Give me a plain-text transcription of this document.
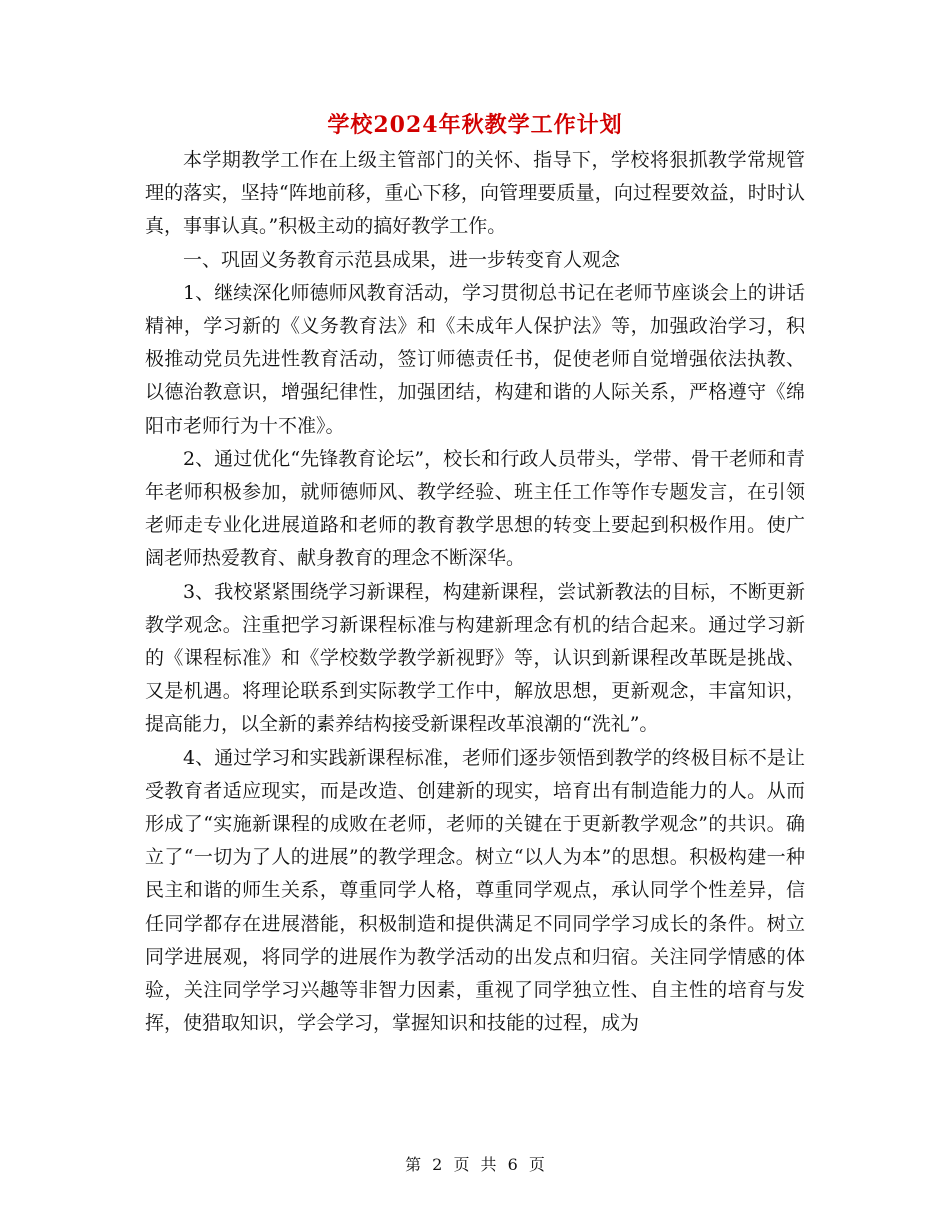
学校2024年秋教学工作计划

本学期教学工作在上级主管部门的关怀、指导下，学校将狠抓教学常规管理的落实，坚持“阵地前移，重心下移，向管理要质量，向过程要效益，时时认真，事事认真。”积极主动的搞好教学工作。

一、巩固义务教育示范县成果，进一步转变育人观念

1、继续深化师德师风教育活动，学习贯彻总书记在老师节座谈会上的讲话精神，学习新的《义务教育法》和《未成年人保护法》等，加强政治学习，积极推动党员先进性教育活动，签订师德责任书，促使老师自觉增强依法执教、以德治教意识，增强纪律性，加强团结，构建和谐的人际关系，严格遵守《绵阳市老师行为十不准》。

2、通过优化“先锋教育论坛”，校长和行政人员带头，学带、骨干老师和青年老师积极参加，就师德师风、教学经验、班主任工作等作专题发言，在引领老师走专业化进展道路和老师的教育教学思想的转变上要起到积极作用。使广阔老师热爱教育、献身教育的理念不断深华。

3、我校紧紧围绕学习新课程，构建新课程，尝试新教法的目标，不断更新教学观念。注重把学习新课程标准与构建新理念有机的结合起来。通过学习新的《课程标准》和《学校数学教学新视野》等，认识到新课程改革既是挑战、又是机遇。将理论联系到实际教学工作中，解放思想，更新观念，丰富知识，提高能力，以全新的素养结构接受新课程改革浪潮的“洗礼”。

4、通过学习和实践新课程标准，老师们逐步领悟到教学的终极目标不是让受教育者适应现实，而是改造、创建新的现实，培育出有制造能力的人。从而形成了“实施新课程的成败在老师，老师的关键在于更新教学观念”的共识。确立了“一切为了人的进展”的教学理念。树立“以人为本”的思想。积极构建一种民主和谐的师生关系，尊重同学人格，尊重同学观点，承认同学个性差异，信任同学都存在进展潜能，积极制造和提供满足不同同学学习成长的条件。树立同学进展观，将同学的进展作为教学活动的出发点和归宿。关注同学情感的体验，关注同学学习兴趣等非智力因素，重视了同学独立性、自主性的培育与发挥，使猎取知识，学会学习，掌握知识和技能的过程，成为

第 2 页 共 6 页
